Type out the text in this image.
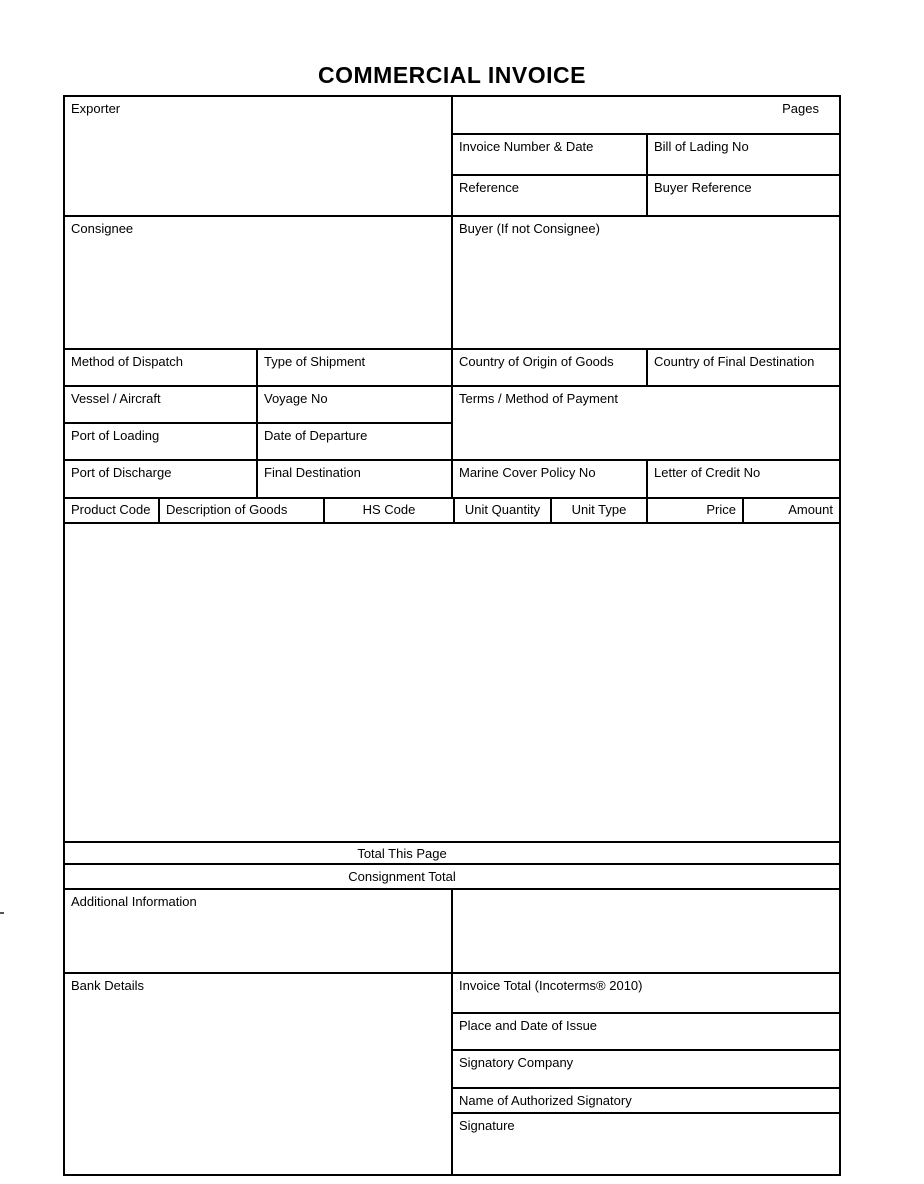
COMMERCIAL INVOICE
Exporter	Pages
Invoice Number & Date	Bill of Lading No
Reference	Buyer Reference
Consignee	Buyer (If not Consignee)
Method of Dispatch	Type of Shipment	Country of Origin of Goods	Country of Final Destination
Vessel / Aircraft	Voyage No	Terms / Method of Payment
Port of Loading	Date of Departure
Port of Discharge	Final Destination	Marine Cover Policy No	Letter of Credit No
Product Code	Description of Goods	HS Code	Unit Quantity	Unit Type	Price	Amount
Total This Page
Consignment Total
Additional Information
Bank Details	Invoice Total (Incoterms® 2010)
Place and Date of Issue
Signatory Company
Name of Authorized Signatory
Signature
